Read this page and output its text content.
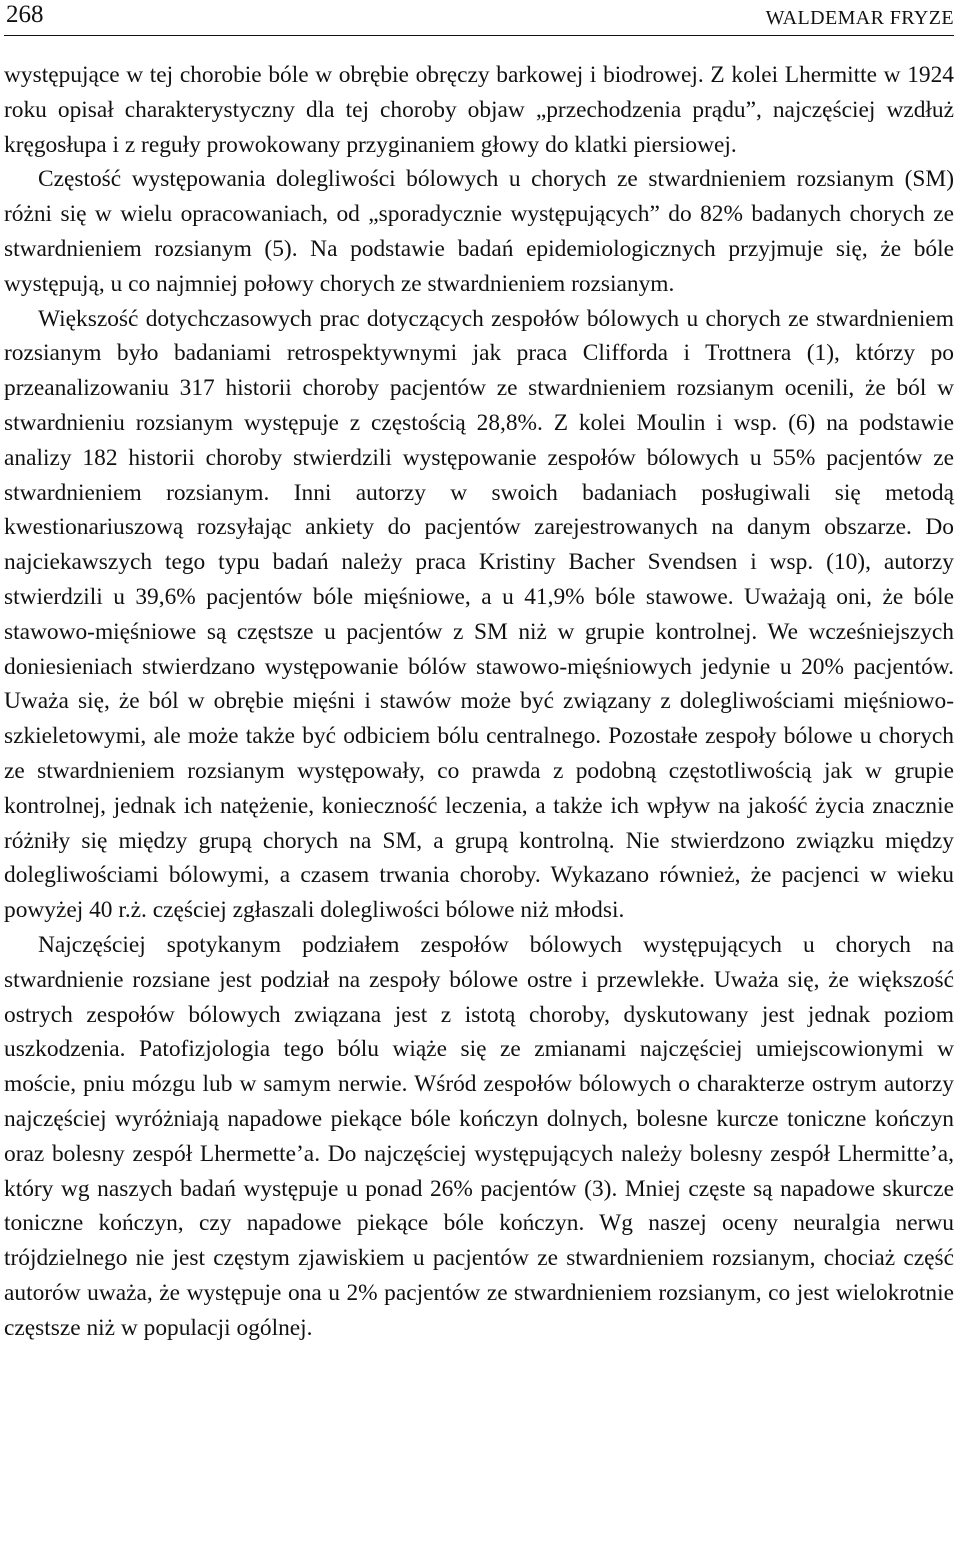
268	WALDEMAR FRYZE

występujące w tej chorobie bóle w obrębie obręczy barkowej i biodrowej. Z kolei Lhermitte w 1924 roku opisał charakterystyczny dla tej choroby objaw „przechodzenia prądu”, najczęściej wzdłuż kręgosłupa i z reguły prowokowany przyginaniem głowy do klatki piersiowej.

Częstość występowania dolegliwości bólowych u chorych ze stwardnieniem rozsianym (SM) różni się w wielu opracowaniach, od „sporadycznie występujących” do 82% badanych chorych ze stwardnieniem rozsianym (5). Na podstawie badań epidemiologicznych przyjmuje się, że bóle występują, u co najmniej połowy chorych ze stwardnieniem rozsianym.

Większość dotychczasowych prac dotyczących zespołów bólowych u chorych ze stwardnieniem rozsianym było badaniami retrospektywnymi jak praca Clifforda i Trottnera (1), którzy po przeanalizowaniu 317 historii choroby pacjentów ze stwardnieniem rozsianym ocenili, że ból w stwardnieniu rozsianym występuje z częstością 28,8%. Z kolei Moulin i wsp. (6) na podstawie analizy 182 historii choroby stwierdzili występowanie zespołów bólowych u 55% pacjentów ze stwardnieniem rozsianym. Inni autorzy w swoich badaniach posługiwali się metodą kwestionariuszową rozsyłając ankiety do pacjentów zarejestrowanych na danym obszarze. Do najciekawszych tego typu badań należy praca Kristiny Bacher Svendsen i wsp. (10), autorzy stwierdzili u 39,6% pacjentów bóle mięśniowe, a u 41,9% bóle stawowe. Uważają oni, że bóle stawowo-mięśniowe są częstsze u pacjentów z SM niż w grupie kontrolnej. We wcześniejszych doniesieniach stwierdzano występowanie bólów stawowo-mięśniowych jedynie u 20% pacjentów. Uważa się, że ból w obrębie mięśni i stawów może być związany z dolegliwościami mięśniowo-szkieletowymi, ale może także być odbiciem bólu centralnego. Pozostałe zespoły bólowe u chorych ze stwardnieniem rozsianym występowały, co prawda z podobną częstotliwością jak w grupie kontrolnej, jednak ich natężenie, konieczność leczenia, a także ich wpływ na jakość życia znacznie różniły się między grupą chorych na SM, a grupą kontrolną. Nie stwierdzono związku między dolegliwościami bólowymi, a czasem trwania choroby. Wykazano również, że pacjenci w wieku powyżej 40 r.ż. częściej zgłaszali dolegliwości bólowe niż młodsi.

Najczęściej spotykanym podziałem zespołów bólowych występujących u chorych na stwardnienie rozsiane jest podział na zespoły bólowe ostre i przewlekłe. Uważa się, że większość ostrych zespołów bólowych związana jest z istotą choroby, dyskutowany jest jednak poziom uszkodzenia. Patofizjologia tego bólu wiąże się ze zmianami najczęściej umiejscowionymi w moście, pniu mózgu lub w samym nerwie. Wśród zespołów bólowych o charakterze ostrym autorzy najczęściej wyróżniają napadowe piekące bóle kończyn dolnych, bolesne kurcze toniczne kończyn oraz bolesny zespół Lhermette’a. Do najczęściej występujących należy bolesny zespół Lhermitte’a, który wg naszych badań występuje u ponad 26% pacjentów (3). Mniej częste są napadowe skurcze toniczne kończyn, czy napadowe piekące bóle kończyn. Wg naszej oceny neuralgia nerwu trójdzielnego nie jest częstym zjawiskiem u pacjentów ze stwardnieniem rozsianym, chociaż część autorów uważa, że występuje ona u 2% pacjentów ze stwardnieniem rozsianym, co jest wielokrotnie częstsze niż w populacji ogólnej.
